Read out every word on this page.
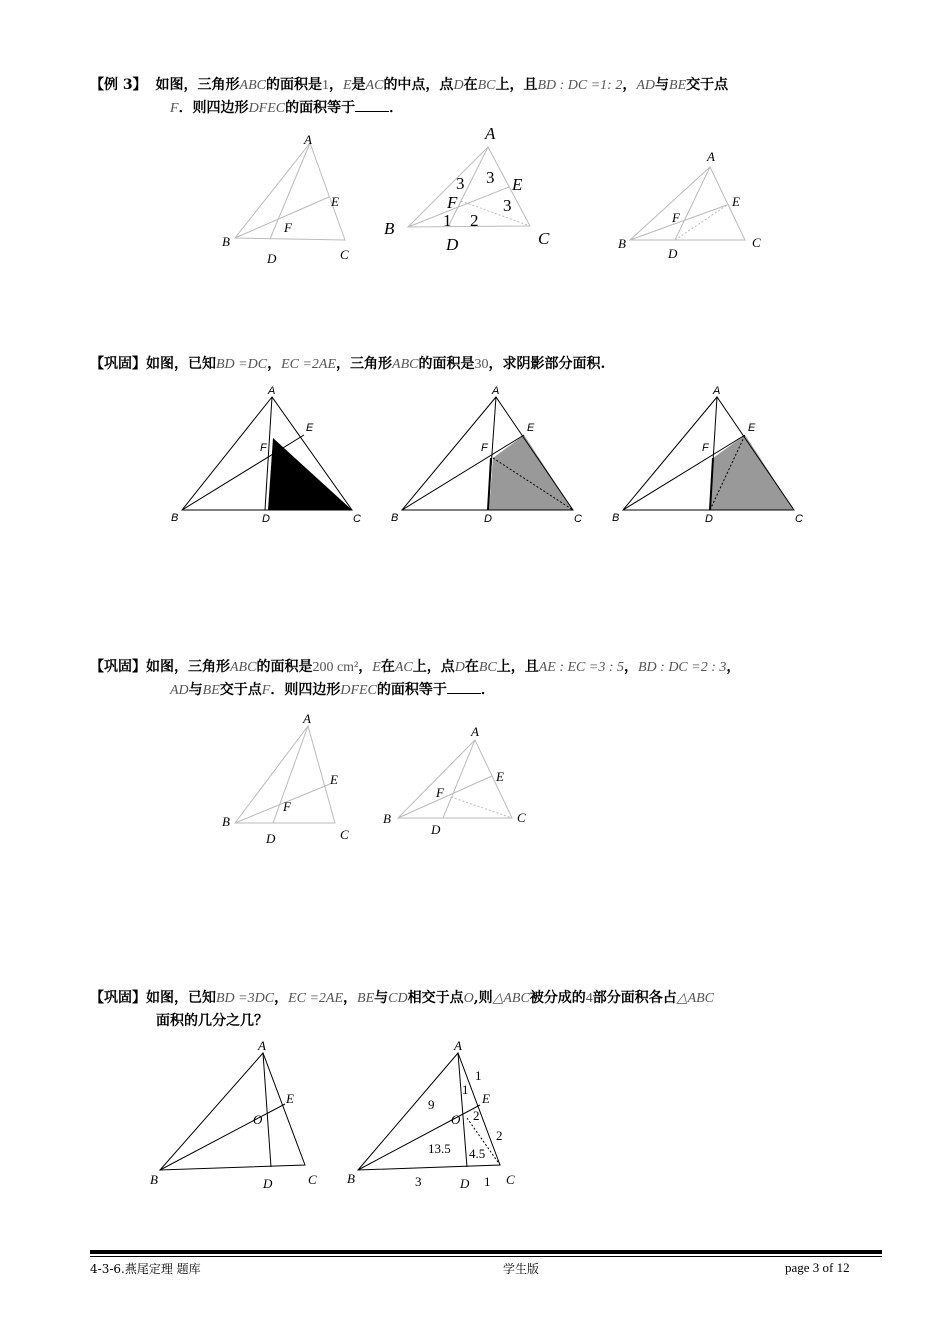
【例 3】 如图，三角形ABC的面积是1，E是AC的中点，点D在BC上，且BD : DC =1: 2，AD与BE交于点
F．则四边形DFEC的面积等于 ．
A
B
C
D
E
F
A
B
C
D
E
F
3 3
3
1 2
A
B	C
D
E
F
【巩固】如图，已知BD =DC，EC =2AE，三角形ABC的面积是30，求阴影部分面积.
A
B	C
D
E
F
A
B	C
D
E
F
A
B	C
D
E
F
【巩固】如图，三角形ABC的面积是200 cm²，E在AC上，点D在BC上，且AE : EC =3 : 5，BD : DC =2 : 3，
AD与BE交于点F．则四边形DFEC的面积等于 ．
A
B
C
D
E
F
A
B	C
D
E
F
【巩固】如图，已知BD =3DC，EC =2AE，BE与CD相交于点O,则△ABC被分成的4部分面积各占△ABC
面积的几分之几？
A
B	C
D
E
O
A
B	C
D
E
O
1
1
9
2
2
13.5 4.5
3	1
4-3-6.燕尾定理 题库	学生版	page 3 of 12
